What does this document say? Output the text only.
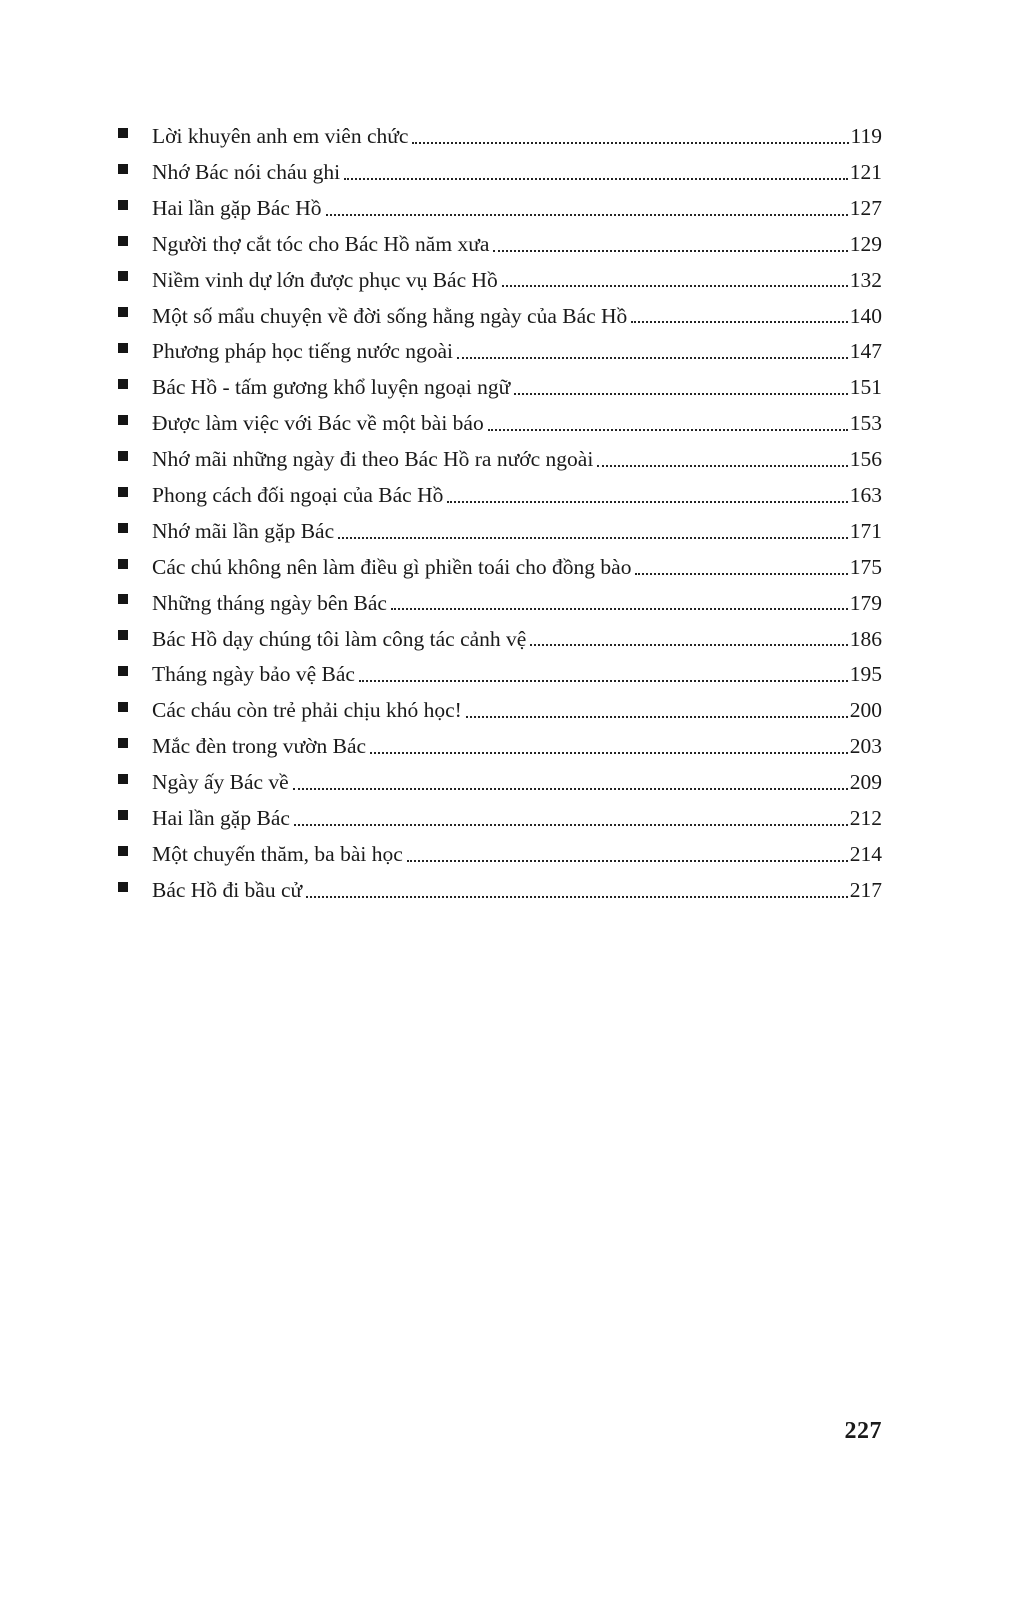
Lời khuyên anh em viên chức	119
Nhớ Bác nói cháu ghi	121
Hai lần gặp Bác Hồ	127
Người thợ cắt tóc cho Bác Hồ năm xưa	129
Niềm vinh dự lớn được phục vụ Bác Hồ	132
Một số mẩu chuyện về đời sống hằng ngày của Bác Hồ	140
Phương pháp học tiếng nước ngoài	147
Bác Hồ - tấm gương khổ luyện ngoại ngữ	151
Được làm việc với Bác về một bài báo	153
Nhớ mãi những ngày đi theo Bác Hồ ra nước ngoài	156
Phong cách đối ngoại của Bác Hồ	163
Nhớ mãi lần gặp Bác	171
Các chú không nên làm điều gì phiền toái cho đồng bào	175
Những tháng ngày bên Bác	179
Bác Hồ dạy chúng tôi làm công tác cảnh vệ	186
Tháng ngày bảo vệ Bác	195
Các cháu còn trẻ phải chịu khó học!	200
Mắc đèn trong vườn Bác	203
Ngày ấy Bác về	209
Hai lần gặp Bác	212
Một chuyến thăm, ba bài học	214
Bác Hồ đi bầu cử	217
227
